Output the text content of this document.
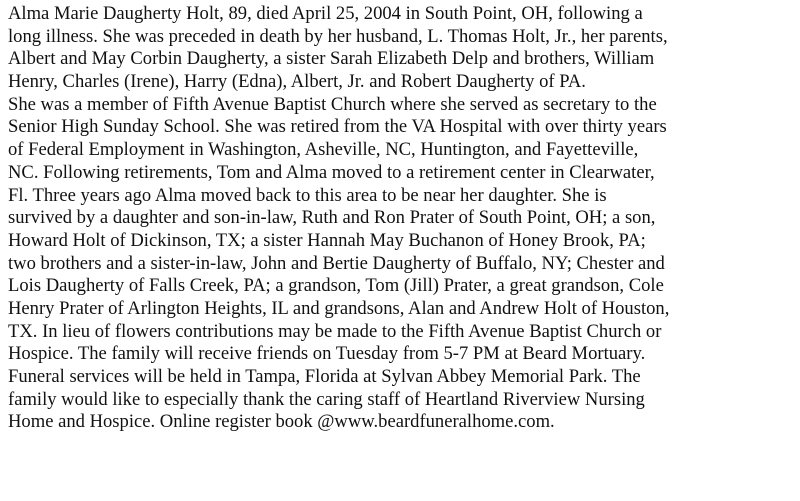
Alma Marie Daugherty Holt, 89, died April 25, 2004 in South Point, OH, following a
long illness. She was preceded in death by her husband, L. Thomas Holt, Jr., her parents,
Albert and May Corbin Daugherty, a sister Sarah Elizabeth Delp and brothers, William
Henry, Charles (Irene), Harry (Edna), Albert, Jr. and Robert Daugherty of PA.
She was a member of Fifth Avenue Baptist Church where she served as secretary to the
Senior High Sunday School. She was retired from the VA Hospital with over thirty years
of Federal Employment in Washington, Asheville, NC, Huntington, and Fayetteville,
NC. Following retirements, Tom and Alma moved to a retirement center in Clearwater,
Fl. Three years ago Alma moved back to this area to be near her daughter. She is
survived by a daughter and son-in-law, Ruth and Ron Prater of South Point, OH; a son,
Howard Holt of Dickinson, TX; a sister Hannah May Buchanon of Honey Brook, PA;
two brothers and a sister-in-law, John and Bertie Daugherty of Buffalo, NY; Chester and
Lois Daugherty of Falls Creek, PA; a grandson, Tom (Jill) Prater, a great grandson, Cole
Henry Prater of Arlington Heights, IL and grandsons, Alan and Andrew Holt of Houston,
TX. In lieu of flowers contributions may be made to the Fifth Avenue Baptist Church or
Hospice. The family will receive friends on Tuesday from 5-7 PM at Beard Mortuary.
Funeral services will be held in Tampa, Florida at Sylvan Abbey Memorial Park. The
family would like to especially thank the caring staff of Heartland Riverview Nursing
Home and Hospice. Online register book @www.beardfuneralhome.com.
